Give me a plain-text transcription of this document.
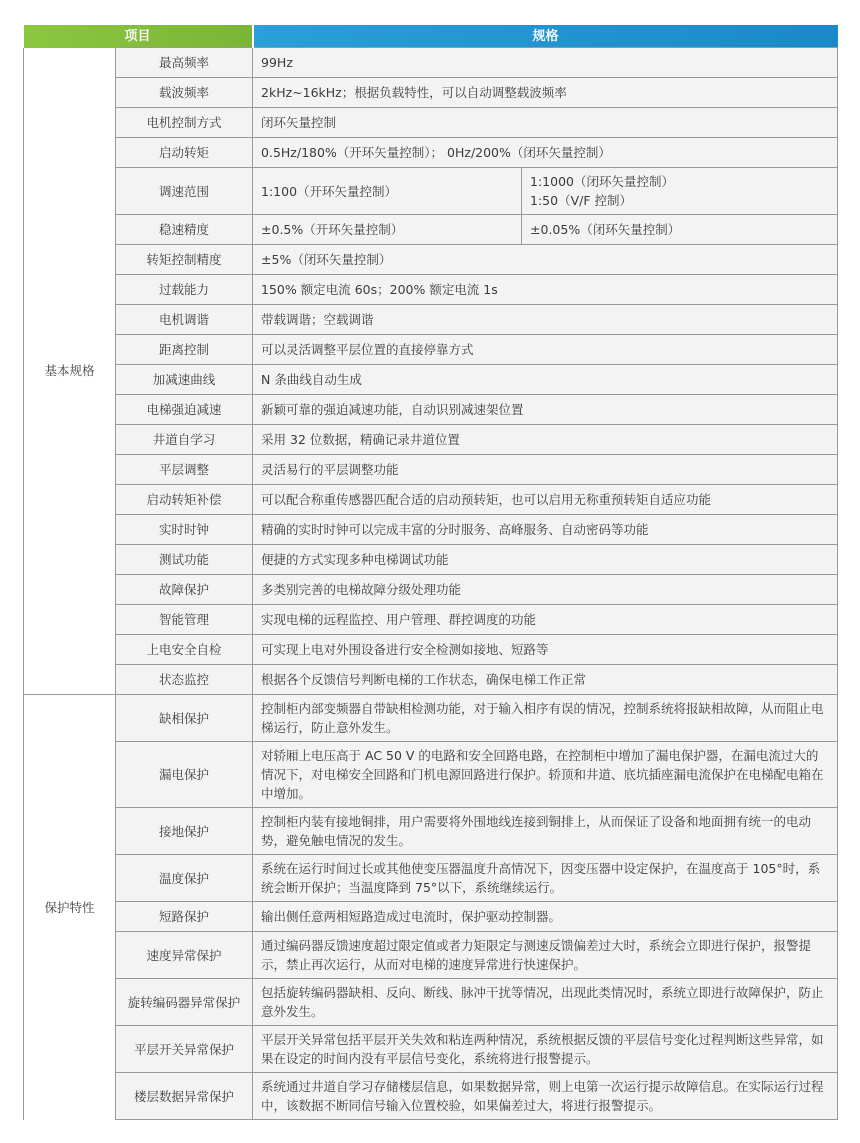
项目		规格	
基本规格	最高频率	99Hz	
	载波频率	2kHz~16kHz；根据负载特性，可以自动调整载波频率	
	电机控制方式	闭环矢量控制	
	启动转矩	0.5Hz/180%（开环矢量控制）； 0Hz/200%（闭环矢量控制）	
	调速范围	1:100（开环矢量控制）	1:1000（闭环矢量控制）
1:50（V/F 控制）

	稳速精度	±0.5%（开环矢量控制）	±0.05%（闭环矢量控制）
	转矩控制精度	±5%（闭环矢量控制）	
	过载能力	150% 额定电流 60s；200% 额定电流 1s	
	电机调谐	带载调谐；空载调谐	
	距离控制	可以灵活调整平层位置的直接停靠方式	
	加减速曲线	N 条曲线自动生成	
	电梯强迫减速	新颖可靠的强迫减速功能，自动识别减速架位置	
	井道自学习	采用 32 位数据，精确记录井道位置	
	平层调整	灵活易行的平层调整功能	
	启动转矩补偿	可以配合称重传感器匹配合适的启动预转矩，也可以启用无称重预转矩自适应功能	
	实时时钟	精确的实时时钟可以完成丰富的分时服务、高峰服务、自动密码等功能	
	测试功能	便捷的方式实现多种电梯调试功能	
	故障保护	多类别完善的电梯故障分级处理功能	
	智能管理	实现电梯的远程监控、用户管理、群控调度的功能	
	上电安全自检	可实现上电对外围设备进行安全检测如接地、短路等	
	状态监控	根据各个反馈信号判断电梯的工作状态，确保电梯工作正常	
保护特性	缺相保护	控制柜内部变频器自带缺相检测功能，对于输入相序有误的情况，控制系统将报缺相故障，从而阻止电梯运行，防止意外发生。	
	漏电保护	对轿厢上电压高于 AC 50 V 的电路和安全回路电路，在控制柜中增加了漏电保护器，在漏电流过大的情况下，对电梯安全回路和门机电源回路进行保护。轿顶和井道、底坑插座漏电流保护在电梯配电箱在中增加。	
	接地保护	控制柜内装有接地铜排，用户需要将外围地线连接到铜排上，从而保证了设备和地面拥有统一的电动势，避免触电情况的发生。	
	温度保护	系统在运行时间过长或其他使变压器温度升高情况下，因变压器中设定保护，在温度高于 105°时，系统会断开保护；当温度降到 75°以下，系统继续运行。	
	短路保护	输出侧任意两相短路造成过电流时，保护驱动控制器。	
	速度异常保护	通过编码器反馈速度超过限定值或者力矩限定与测速反馈偏差过大时，系统会立即进行保护，报警提示，禁止再次运行，从而对电梯的速度异常进行快速保护。	
	旋转编码器异常保护	包括旋转编码器缺相、反向、断线、脉冲干扰等情况，出现此类情况时，系统立即进行故障保护，防止意外发生。	
	平层开关异常保护	平层开关异常包括平层开关失效和粘连两种情况，系统根据反馈的平层信号变化过程判断这些异常，如果在设定的时间内没有平层信号变化，系统将进行报警提示。	
	楼层数据异常保护	系统通过井道自学习存储楼层信息，如果数据异常，则上电第一次运行提示故障信息。在实际运行过程中，该数据不断同信号输入位置校验，如果偏差过大，将进行报警提示。	
